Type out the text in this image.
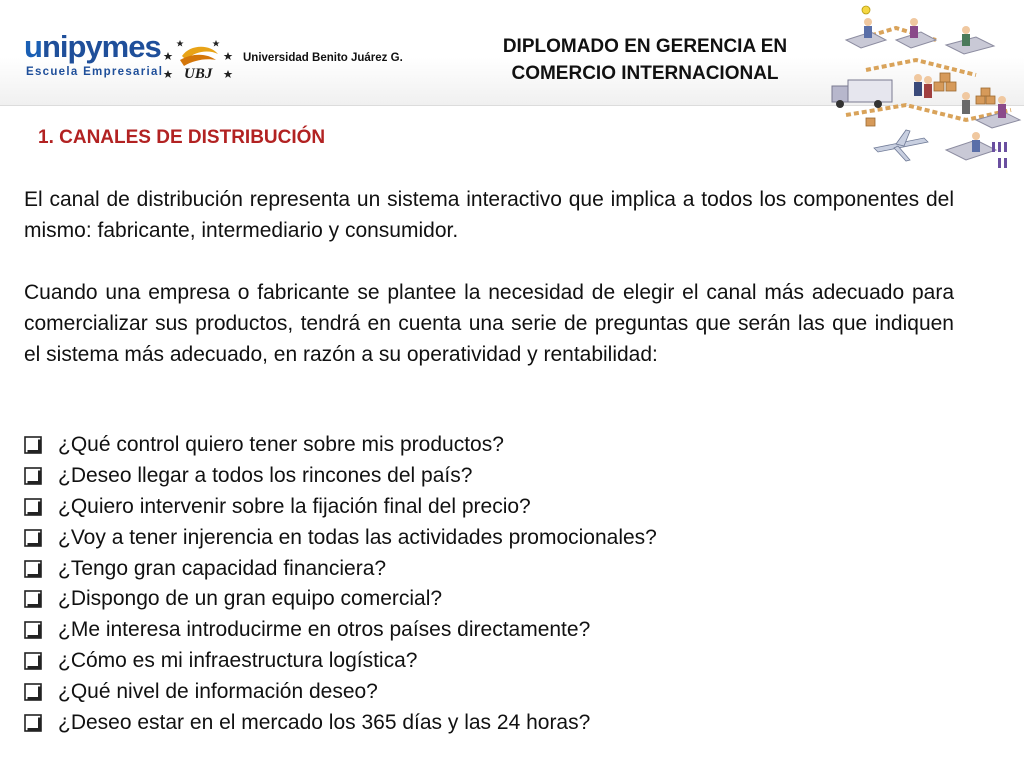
unipymes
Escuela Empresarial UBJ
Universidad Benito Juárez G.
DIPLOMADO EN GERENCIA EN
COMERCIO INTERNACIONAL
1. CANALES DE DISTRIBUCIÓN

El canal de distribución representa un sistema interactivo que implica a todos los componentes del mismo: fabricante, intermediario y consumidor.

Cuando una empresa o fabricante se plantee la necesidad de elegir el canal más adecuado para comercializar sus productos, tendrá en cuenta una serie de preguntas que serán las que indiquen el sistema más adecuado, en razón a su operatividad y rentabilidad:

¿Qué control quiero tener sobre mis productos?
¿Deseo llegar a todos los rincones del país?
¿Quiero intervenir sobre la fijación final del precio?
¿Voy a tener injerencia en todas las actividades promocionales?
¿Tengo gran capacidad financiera?
¿Dispongo de un gran equipo comercial?
¿Me interesa introducirme en otros países directamente?
¿Cómo es mi infraestructura logística?
¿Qué nivel de información deseo?
¿Deseo estar en el mercado los 365 días y las 24 horas?
